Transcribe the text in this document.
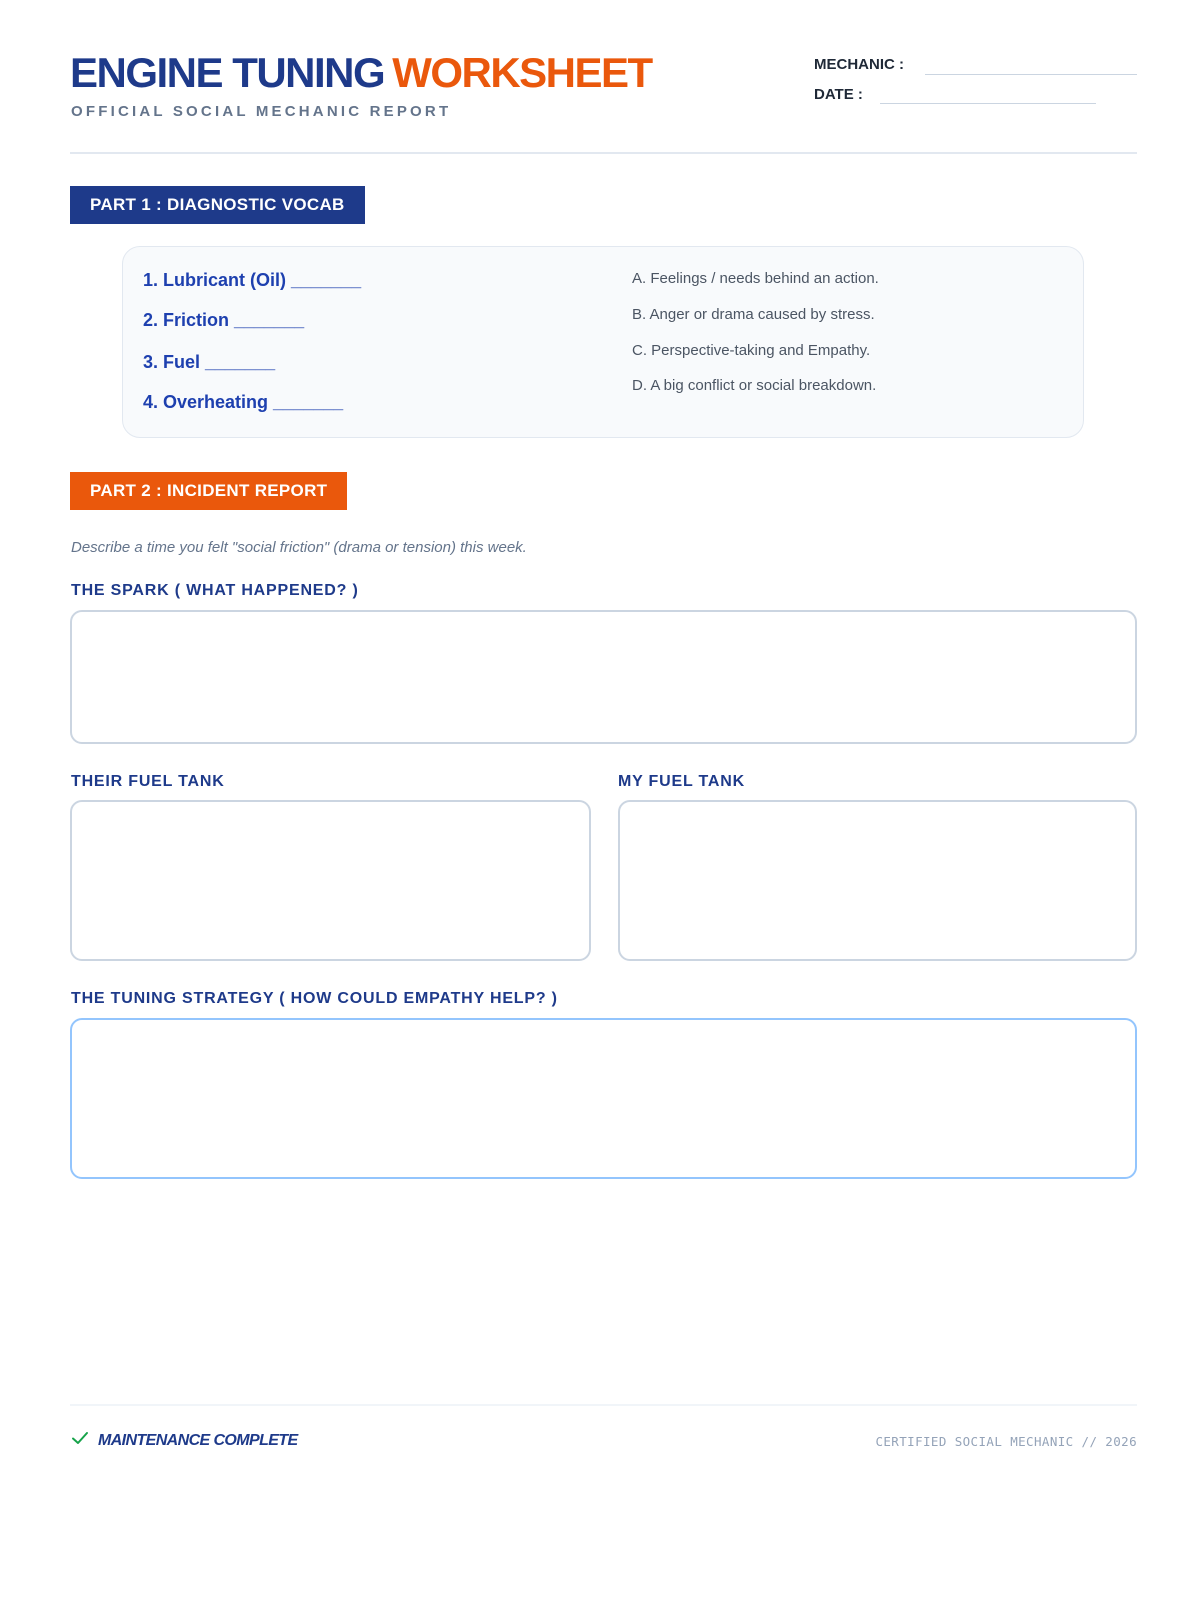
ENGINE TUNING WORKSHEET
OFFICIAL SOCIAL MECHANIC REPORT
MECHANIC :
DATE :
PART 1 : DIAGNOSTIC VOCAB
1. Lubricant (Oil) _______
2. Friction _______
3. Fuel _______
4. Overheating _______
A. Feelings / needs behind an action.
B. Anger or drama caused by stress.
C. Perspective-taking and Empathy.
D. A big conflict or social breakdown.
PART 2 : INCIDENT REPORT
Describe a time you felt "social friction" (drama or tension) this week.
THE SPARK ( WHAT HAPPENED? )
THEIR FUEL TANK	MY FUEL TANK
THE TUNING STRATEGY ( HOW COULD EMPATHY HELP? )
MAINTENANCE COMPLETE	CERTIFIED SOCIAL MECHANIC // 2026
